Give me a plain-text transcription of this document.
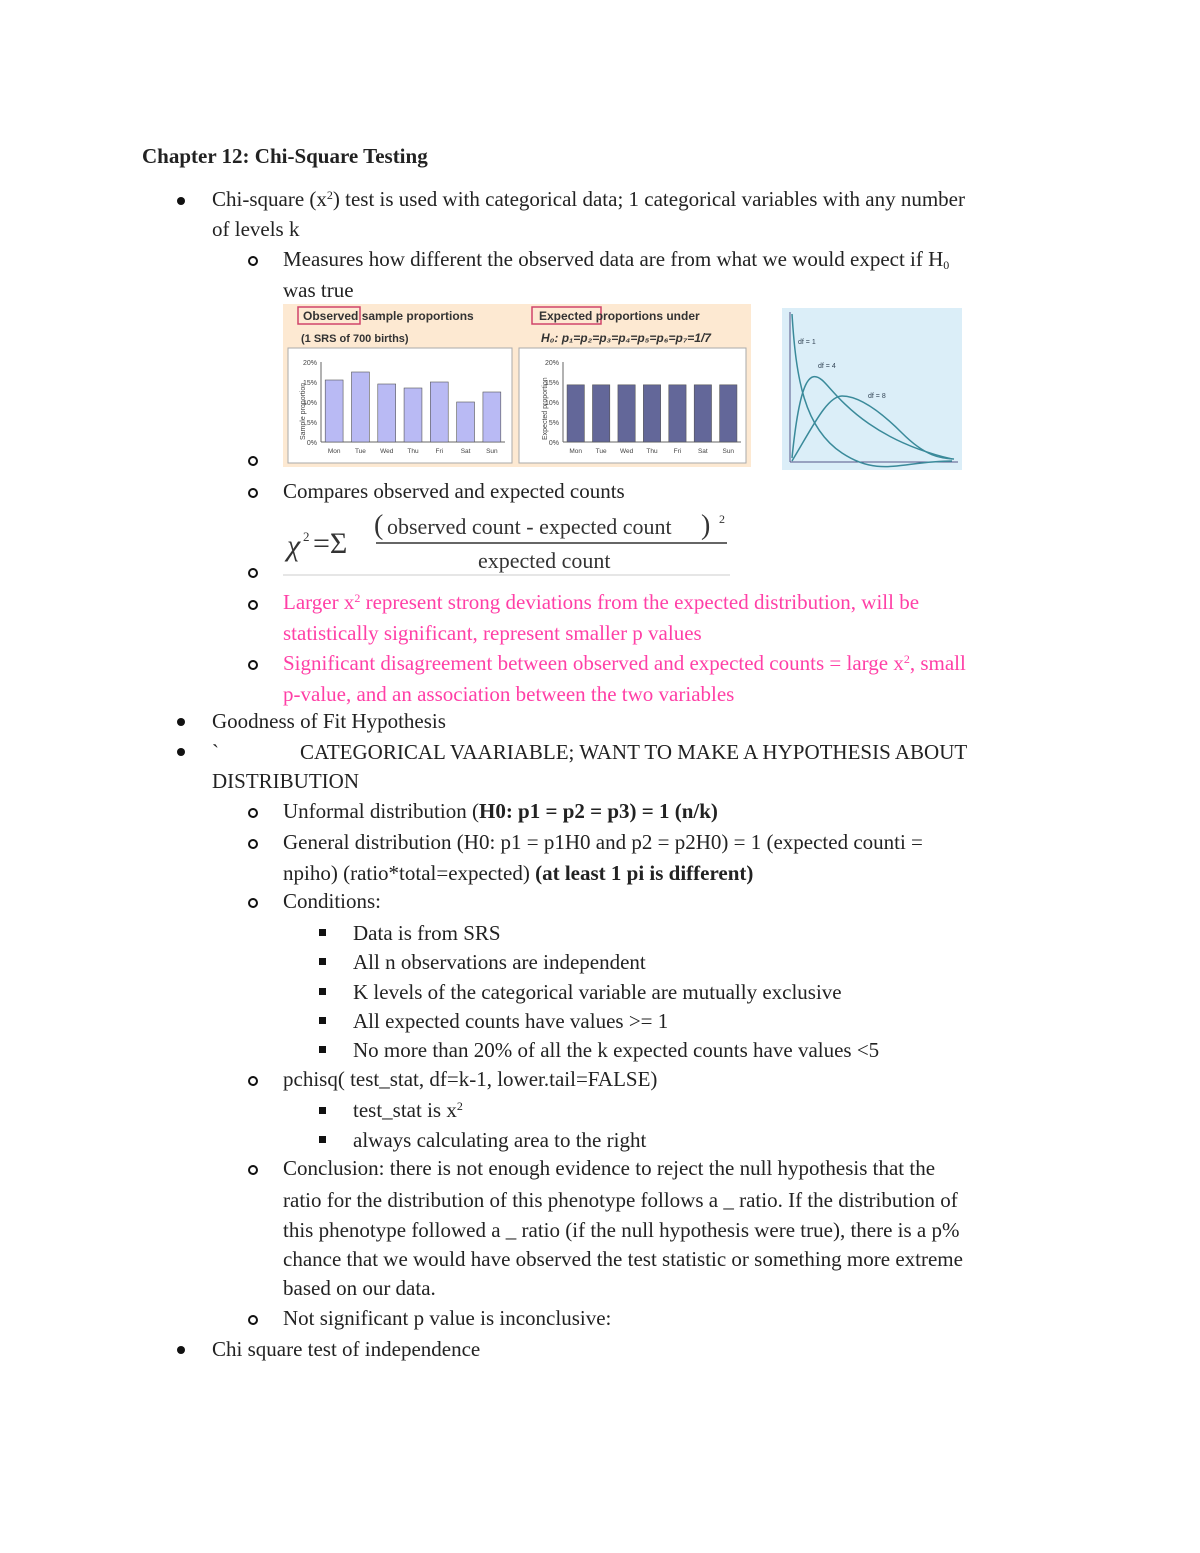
Chapter 12: Chi-Square Testing
Chi-square $(x^2)$ test is used with categorical data; 1 categorical variables with any number
of levels k
Measures how different the observed data are from what we would expect if $H_0$
was true
Observed sample proportions
(1 SRS of 700 births)
Sample proportion
20%
15%
10%
5%
0%
Mon Tue Wed Thu	Fri	Sat Sun
Expected proportions under
H₀: p₁=p₂=p₃=p₄=p₅=p₆=p₇=1/7
Expected proportion
20%
15%
10%
5%
0%
Mon Tue Wed Thu Fri	Sat Sun
df = 1
df = 4
df = 8
Compares observed and expected counts
χ 2 =Σ
( observed count - expected count ) 2
expected count
Larger $x^2$ represent strong deviations from the expected distribution, will be
statistically significant, represent smaller p values
Significant disagreement between observed and expected counts = large $x^2$, small
p-value, and an association between the two variables
Goodness of Fit Hypothesis
`	CATEGORICAL VAARIABLE; WANT TO MAKE A HYPOTHESIS ABOUT
DISTRIBUTION
Unformal distribution (H0: p1 = p2 = p3) = 1 (n/k)
General distribution (H0: p1 = p1H0 and p2 = p2H0) = 1 (expected counti =
npiho) (ratio*total=expected) (at least 1 pi is different)
Conditions:
Data is from SRS
All n observations are independent
K levels of the categorical variable are mutually exclusive
All expected counts have values >= 1
No more than 20% of all the k expected counts have values <5
pchisq( test_stat, df=k-1, lower.tail=FALSE)
test_stat is $x^2$
always calculating area to the right
Conclusion: there is not enough evidence to reject the null hypothesis that the
ratio for the distribution of this phenotype follows a _ ratio. If the distribution of
this phenotype followed a _ ratio (if the null hypothesis were true), there is a p%
chance that we would have observed the test statistic or something more extreme
based on our data.
Not significant p value is inconclusive:
Chi square test of independence
